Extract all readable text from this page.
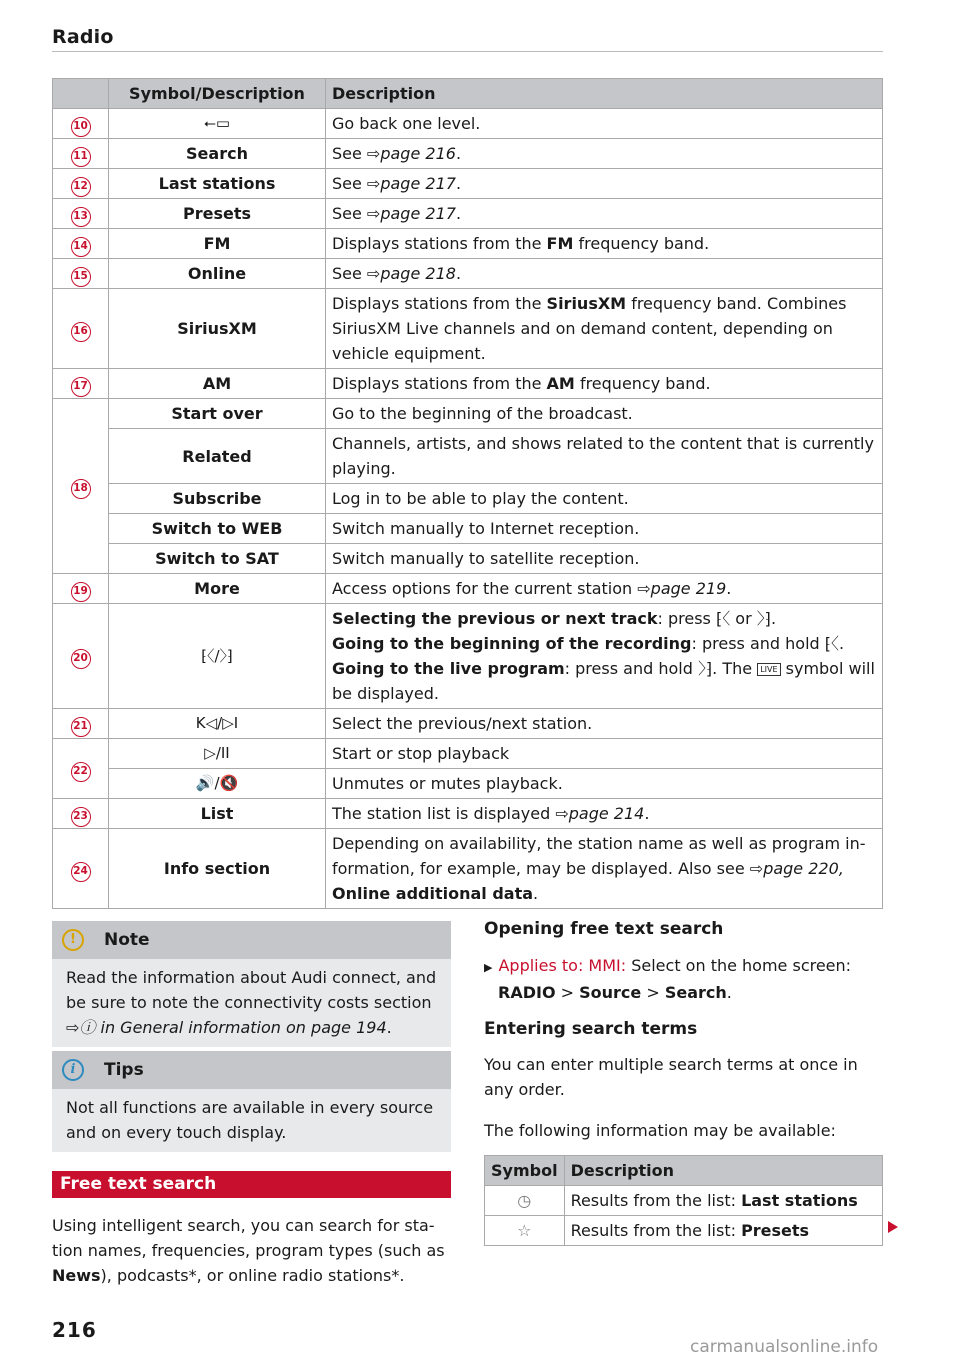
Radio
	Symbol/Description	Description
10	⭠▭	Go back one level.
11	Search	See ⇨page 216.
12	Last stations	See ⇨page 217.
13	Presets	See ⇨page 217.
14	FM	Displays stations from the FM frequency band.
15	Online	See ⇨page 218.
16	SiriusXM	Displays stations from the SiriusXM frequency band. Combines SiriusXM Live channels and on demand content, depending on vehicle equipment.
17	AM	Displays stations from the AM frequency band.
18	Start over	Go to the beginning of the broadcast.
	Related	Channels, artists, and shows related to the content that is currently playing.
	Subscribe	Log in to be able to play the content.
	Switch to WEB	Switch manually to Internet reception.
	Switch to SAT	Switch manually to satellite reception.
19	More	Access options for the current station ⇨page 219.
20	⁅〈/〉⁆	Selecting the previous or next track: press ⁅〈 or 〉⁆.
Going to the beginning of the recording: press and hold ⁅〈.
Going to the live program: press and hold 〉⁆. The LIVE symbol will be displayed.
21	K◁/▷I	Select the previous/next station.
22	▷/II	Start or stop playback
	🔊/🔇	Unmutes or mutes playback.
23	List	The station list is displayed ⇨page 214.
24	Info section	Depending on availability, the station name as well as program information, for example, may be displayed. Also see ⇨page 220,
Online additional data.
!	Note
Read the information about Audi connect, and be sure to note the connectivity costs section ⇨ⓘ in General information on page 194.
i	Tips
Not all functions are available in every source and on every touch display.
Free text search
Using intelligent search, you can search for station names, frequencies, program types (such as News), podcasts*, or online radio stations*.
Opening free text search
▶ Applies to: MMI: Select on the home screen:
RADIO > Source > Search.
Entering search terms
You can enter multiple search terms at once in any order.
The following information may be available:
Symbol	Description
◷	Results from the list: Last stations
☆	Results from the list: Presets
216
carmanualsonline.info
